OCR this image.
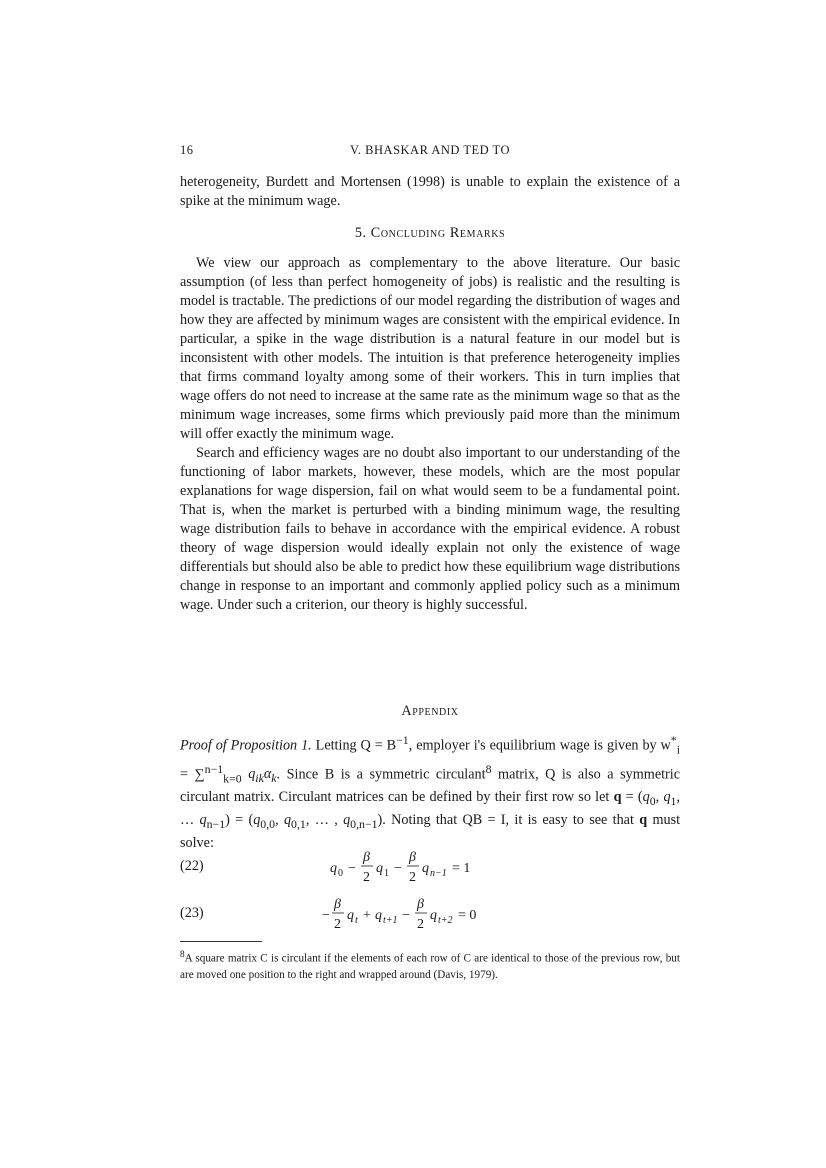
16	V. BHASKAR AND TED TO

heterogeneity, Burdett and Mortensen (1998) is unable to explain the existence of a spike at the minimum wage.

5. Concluding Remarks

We view our approach as complementary to the above literature. Our basic assumption (of less than perfect homogeneity of jobs) is realistic and the resulting is model is tractable. The predictions of our model regarding the distribution of wages and how they are affected by minimum wages are consistent with the empirical evidence. In particular, a spike in the wage distribution is a natural feature in our model but is inconsistent with other models. The intuition is that preference heterogeneity implies that firms command loyalty among some of their workers. This in turn implies that wage offers do not need to increase at the same rate as the minimum wage so that as the minimum wage increases, some firms which previously paid more than the minimum will offer exactly the minimum wage.

Search and efficiency wages are no doubt also important to our understanding of the functioning of labor markets, however, these models, which are the most popular explanations for wage dispersion, fail on what would seem to be a fundamental point. That is, when the market is perturbed with a binding minimum wage, the resulting wage distribution fails to behave in accordance with the empirical evidence. A robust theory of wage dispersion would ideally explain not only the existence of wage differentials but should also be able to predict how these equilibrium wage distributions change in response to an important and commonly applied policy such as a minimum wage. Under such a criterion, our theory is highly successful.

Appendix

Proof of Proposition 1. Letting $Q = B^{-1}$, employer i's equilibrium wage is given by $w^*_i = \sum^{n-1}_{k=0}$ $q_{ik}\alpha_k$. Since B is a symmetric circulant$^8$ matrix, Q is also a symmetric circulant matrix. Circulant matrices can be defined by their first row so let $q = (q_0$, $q_1$, … $q_{n-1}) = (q_{0,0}$, $q_{0,1}$, … , $q_{0,n-1}$). Noting that QB = I, it is easy to see that q must solve:

(22)	q 0 −
β
2
q 1 −
β
2
q n−1 = 1
(23)	−
β
2
q t + q t+1 −
β
2
q t+2 = 0
$^8$A square matrix C is circulant if the elements of each row of C are identical to those of the previous row, but are moved one position to the right and wrapped around (Davis, 1979).
